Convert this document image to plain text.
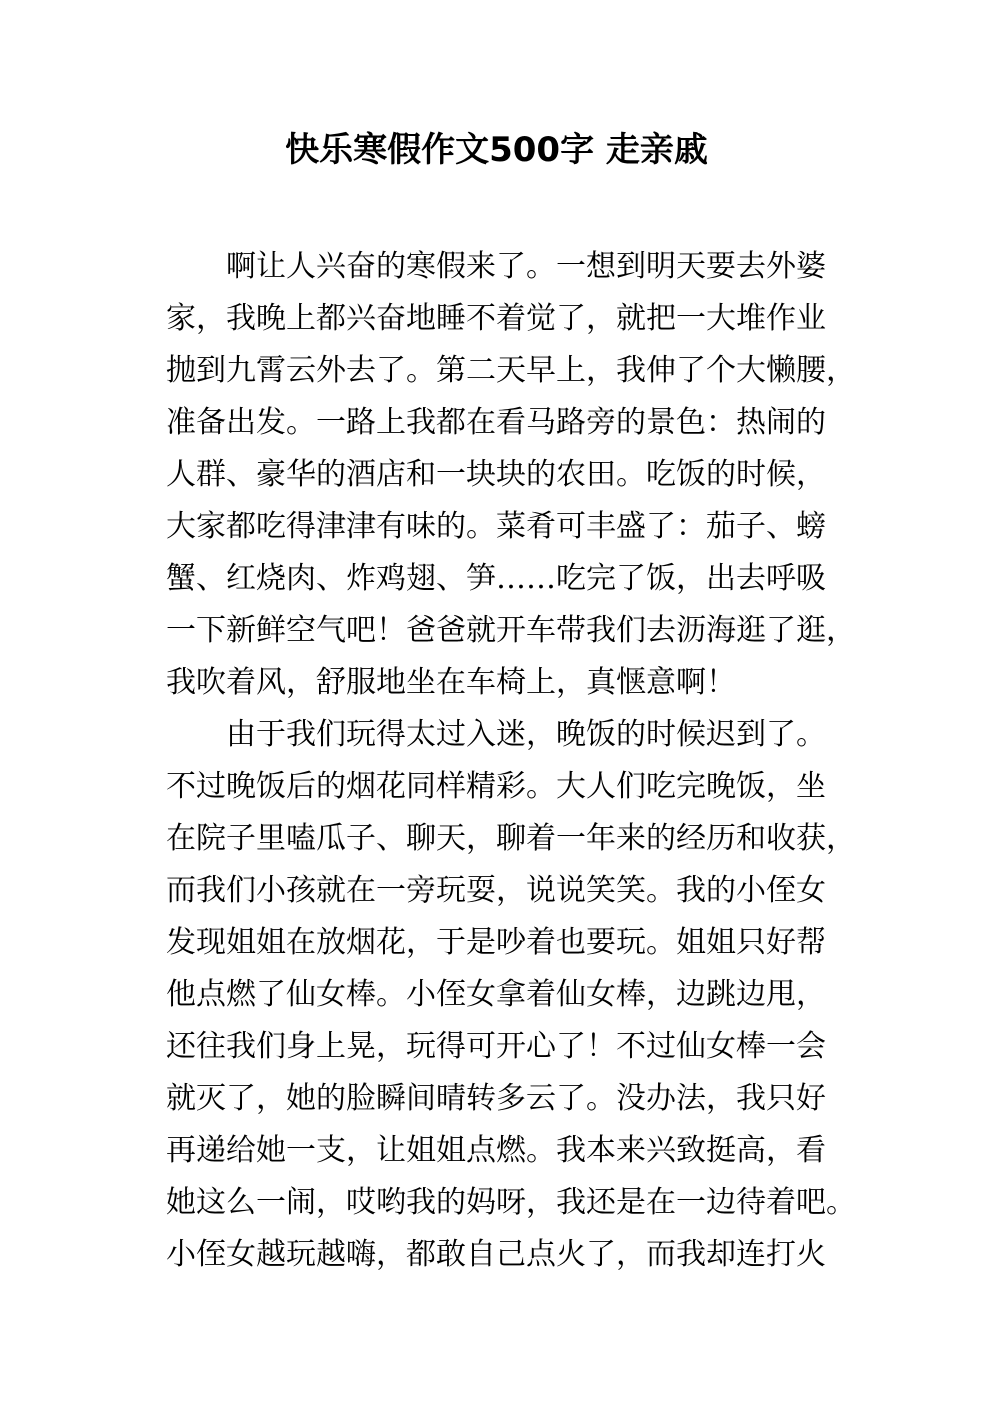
快乐寒假作文500字 走亲戚
啊让人兴奋的寒假来了。一想到明天要去外婆
家，我晚上都兴奋地睡不着觉了，就把一大堆作业
抛到九霄云外去了。第二天早上，我伸了个大懒腰，
准备出发。一路上我都在看马路旁的景色：热闹的
人群、豪华的酒店和一块块的农田。吃饭的时候，
大家都吃得津津有味的。菜肴可丰盛了：茄子、螃
蟹、红烧肉、炸鸡翅、笋……吃完了饭，出去呼吸
一下新鲜空气吧！爸爸就开车带我们去沥海逛了逛，
我吹着风，舒服地坐在车椅上，真惬意啊！
由于我们玩得太过入迷，晚饭的时候迟到了。
不过晚饭后的烟花同样精彩。大人们吃完晚饭，坐
在院子里嗑瓜子、聊天，聊着一年来的经历和收获，
而我们小孩就在一旁玩耍，说说笑笑。我的小侄女
发现姐姐在放烟花，于是吵着也要玩。姐姐只好帮
他点燃了仙女棒。小侄女拿着仙女棒，边跳边甩，
还往我们身上晃，玩得可开心了！不过仙女棒一会
就灭了，她的脸瞬间晴转多云了。没办法，我只好
再递给她一支，让姐姐点燃。我本来兴致挺高，看
她这么一闹，哎哟我的妈呀，我还是在一边待着吧。
小侄女越玩越嗨，都敢自己点火了，而我却连打火
